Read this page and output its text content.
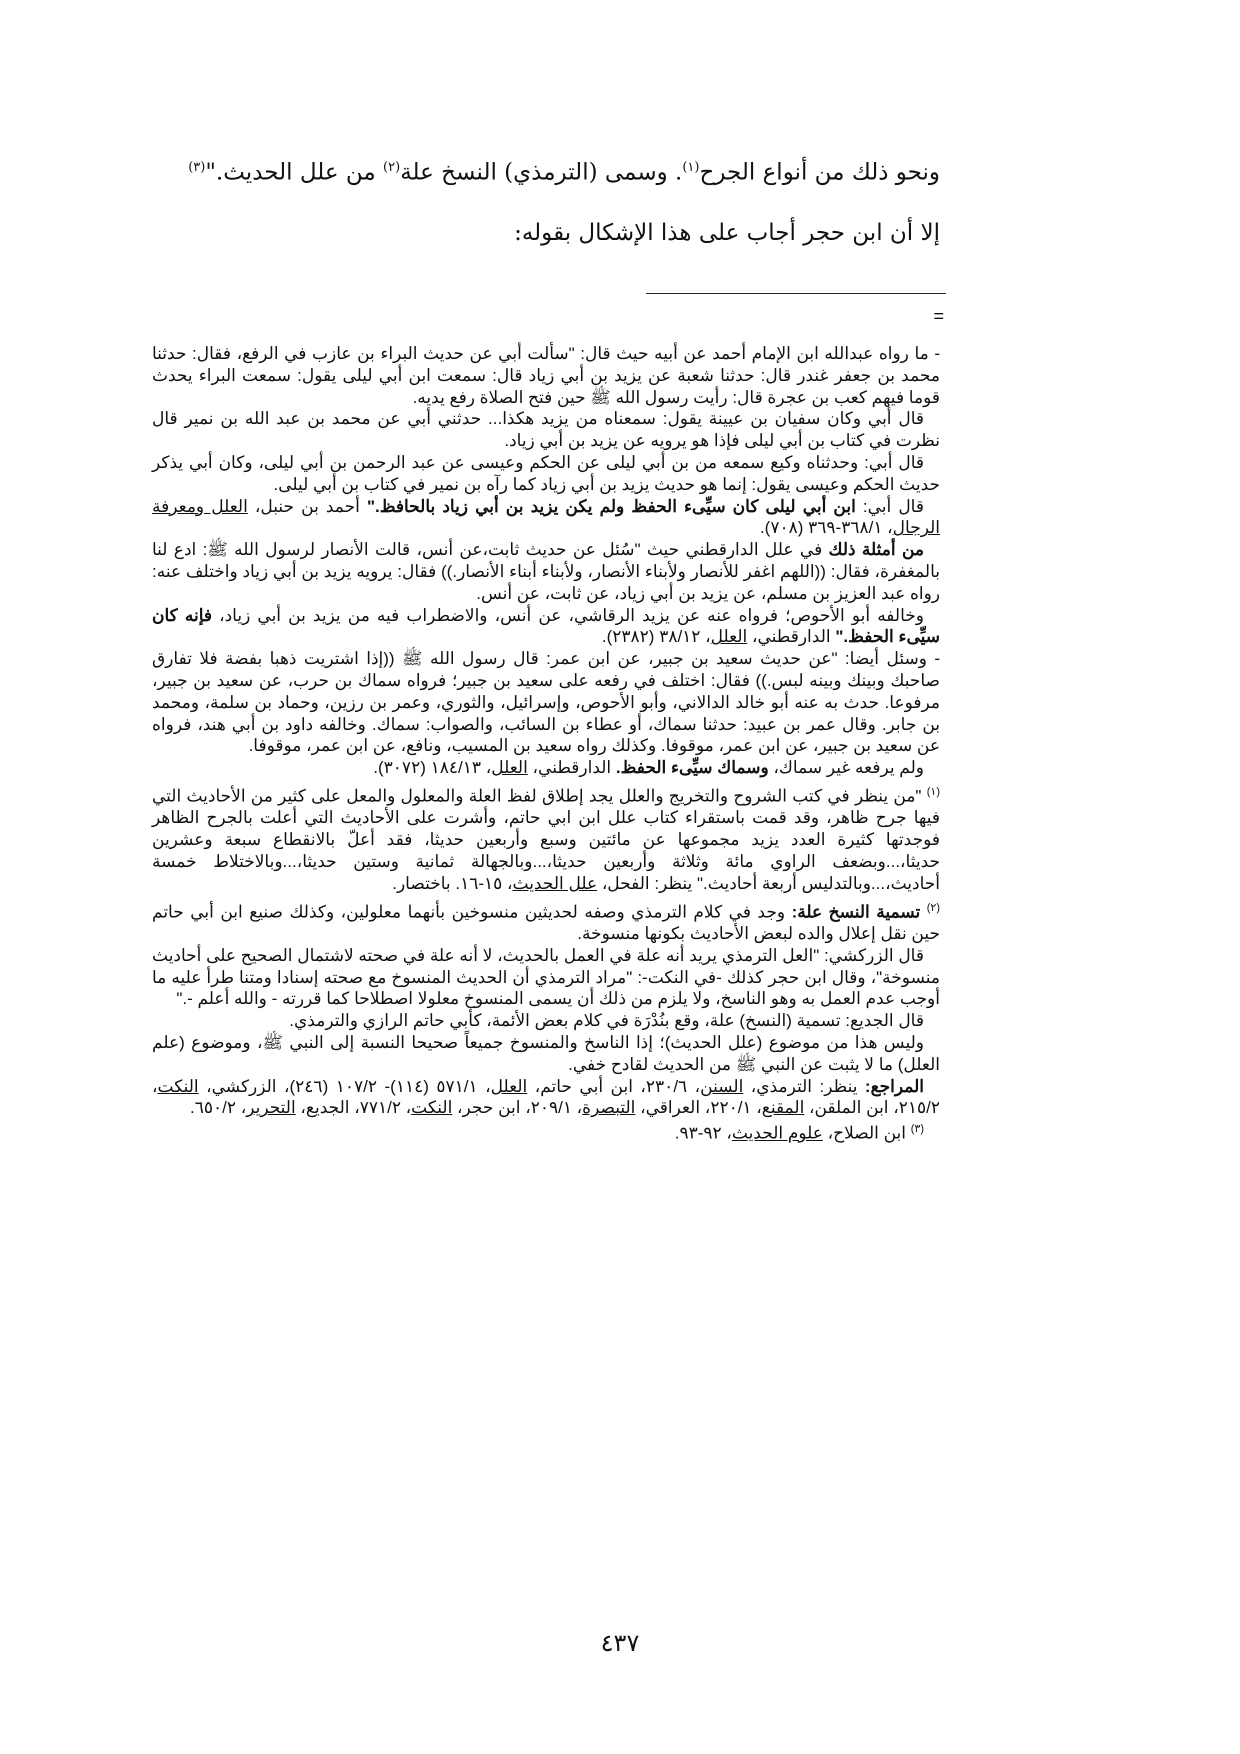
ونحو ذلك من أنواع الجرح$^{(١)}$. وسمى (الترمذي) النسخ علة$^{(٢)}$ من علل الحديث."$^{(٣)}$
إلا أن ابن حجر أجاب على هذا الإشكال بقوله:
=

- ما رواه عبدالله ابن الإمام أحمد عن أبيه حيث قال: "سألت أبي عن حديث البراء بن عازب في الرفع، فقال: حدثنا محمد بن جعفر غندر قال: حدثنا شعبة عن يزيد بن أبي زياد قال: سمعت ابن أبي ليلى يقول: سمعت البراء يحدث قوما فيهم كعب بن عجرة قال: رأيت رسول الله ﷺ حين فتح الصلاة رفع يديه.

قال أبي وكان سفيان بن عيينة يقول: سمعناه من يزيد هكذا... حدثني أبي عن محمد بن عبد الله بن نمير قال نظرت في كتاب بن أبي ليلى فإذا هو يرويه عن يزيد بن أبي زياد.

قال أبي: وحدثناه وكيع سمعه من بن أبي ليلى عن الحكم وعيسى عن عبد الرحمن بن أبي ليلى، وكان أبي يذكر حديث الحكم وعيسى يقول: إنما هو حديث يزيد بن أبي زياد كما رآه بن نمير في كتاب بن أبي ليلى.

قال أبي: ابن أبي ليلى كان سيِّىء الحفظ ولم يكن يزيد بن أبي زياد بالحافظ." أحمد بن حنبل، العلل ومعرفة الرجال، ٣٦٨/١-٣٦٩ (٧٠٨).

من أمثلة ذلك في علل الدارقطني حيث "سُئل عن حديث ثابت،عن أنس، قالت الأنصار لرسول الله ﷺ: ادع لنا بالمغفرة، فقال: ((اللهم اغفر للأنصار ولأبناء الأنصار، ولأبناء أبناء الأنصار.)) فقال: يرويه يزيد بن أبي زياد واختلف عنه: رواه عبد العزيز بن مسلم، عن يزيد بن أبي زياد، عن ثابت، عن أنس.

وخالفه أبو الأحوص؛ فرواه عنه عن يزيد الرقاشي، عن أنس، والاضطراب فيه من يزيد بن أبي زياد، فإنه كان سيِّىء الحفظ." الدارقطني، العلل، ٣٨/١٢ (٢٣٨٢).

- وسئل أيضا: "عن حديث سعيد بن جبير، عن ابن عمر: قال رسول الله ﷺ ((إذا اشتريت ذهبا بفضة فلا تفارق صاحبك وبينك وبينه لبس.)) فقال: اختلف في رفعه على سعيد بن جبير؛ فرواه سماك بن حرب، عن سعيد بن جبير، مرفوعا. حدث به عنه أبو خالد الدالاني، وأبو الأحوص، وإسرائيل، والثوري، وعمر بن رزين، وحماد بن سلمة، ومحمد بن جابر. وقال عمر بن عبيد: حدثنا سماك، أو عطاء بن السائب، والصواب: سماك. وخالفه داود بن أبي هند، فرواه عن سعيد بن جبير، عن ابن عمر، موقوفا. وكذلك رواه سعيد بن المسيب، ونافع، عن ابن عمر، موقوفا.

ولم يرفعه غير سماك، وسماك سيِّىء الحفظ. الدارقطني، العلل، ١٨٤/١٣ (٣٠٧٢).

$^{(١)}$ "من ينظر في كتب الشروح والتخريج والعلل يجد إطلاق لفظ العلة والمعلول والمعل على كثير من الأحاديث التي فيها جرح ظاهر، وقد قمت باستقراء كتاب علل ابن ابي حاتم، وأشرت على الأحاديث التي أعلت بالجرح الظاهر فوجدتها كثيرة العدد يزيد مجموعها عن مائتين وسبع وأربعين حديثا، فقد أعلّ بالانقطاع سبعة وعشرين حديثا،...وبضعف الراوي مائة وثلاثة وأربعين حديثا،...وبالجهالة ثمانية وستين حديثا،...وبالاختلاط خمسة أحاديث،...وبالتدليس أربعة أحاديث." ينظر: الفحل، علل الحديث، ١٥-١٦. باختصار.

$^{(٢)}$ تسمية النسخ علة: وجد في كلام الترمذي وصفه لحديثين منسوخين بأنهما معلولين، وكذلك صنيع ابن أبي حاتم حين نقل إعلال والده لبعض الأحاديث بكونها منسوخة.

قال الزركشي: "العل الترمذي يريد أنه علة في العمل بالحديث، لا أنه علة في صحته لاشتمال الصحيح على أحاديث منسوخة"، وقال ابن حجر كذلك -في النكت-: "مراد الترمذي أن الحديث المنسوخ مع صحته إسنادا ومتنا طرأ عليه ما أوجب عدم العمل به وهو الناسخ، ولا يلزم من ذلك أن يسمى المنسوخ معلولا اصطلاحا كما قررته - والله أعلم -."

قال الجديع: تسمية (النسخ) علة، وقع بنُدْرَة في كلام بعض الأئمة، كأبي حاتم الرازي والترمذي.

وليس هذا من موضوع (علل الحديث)؛ إذا الناسخ والمنسوخ جميعاً صحيحا النسبة إلى النبي ﷺ، وموضوع (علم العلل) ما لا يثبت عن النبي ﷺ من الحديث لقادح خفي.

المراجع: ينظر: الترمذي، السنن، ٢٣٠/٦، ابن أبي حاتم، العلل، ٥٧١/١ (١١٤)- ١٠٧/٢ (٢٤٦)، الزركشي، النكت، ٢١٥/٢، ابن الملقن، المقنع، ٢٢٠/١، العراقي، التبصرة، ٢٠٩/١، ابن حجر، النكت، ٧٧١/٢، الجديع، التحرير، ٦٥٠/٢.

$^{(٣)}$ ابن الصلاح، علوم الحديث، ٩٢-٩٣.

٤٣٧
